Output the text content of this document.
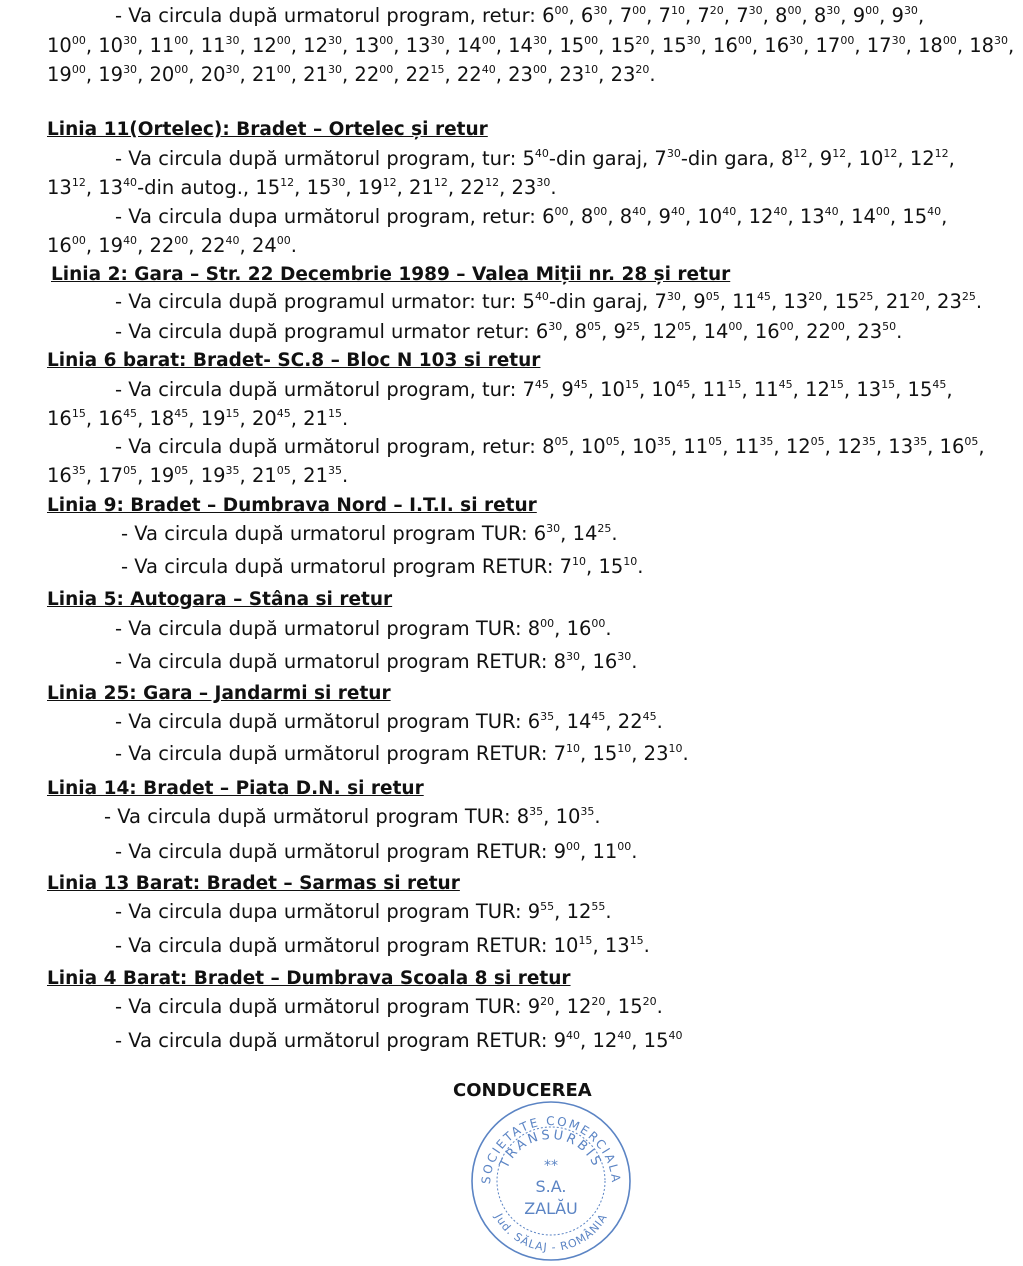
- Va circula după urmatorul program, retur: $6^{00}$, $6^{30}$, $7^{00}$, $7^{10}$, $7^{20}$, $7^{30}$, $8^{00}$, $8^{30}$, $9^{00}$, $9^{30}$,
$10^{00}$, $10^{30}$, $11^{00}$, $11^{30}$, $12^{00}$, $12^{30}$, $13^{00}$, $13^{30}$, $14^{00}$, $14^{30}$, $15^{00}$, $15^{20}$, $15^{30}$, $16^{00}$, $16^{30}$, $17^{00}$, $17^{30}$, $18^{00}$, $18^{30}$,
$19^{00}$, $19^{30}$, $20^{00}$, $20^{30}$, $21^{00}$, $21^{30}$, $22^{00}$, $22^{15}$, $22^{40}$, $23^{00}$, $23^{10}$, $23^{20}$.
Linia 11(Ortelec): Bradet – Ortelec și retur
- Va circula după următorul program, tur: $5^{40}$-din garaj, $7^{30}$-din gara, $8^{12}$, $9^{12}$, $10^{12}$, $12^{12}$,
$13^{12}$, $13^{40}$-din autog., $15^{12}$, $15^{30}$, $19^{12}$, $21^{12}$, $22^{12}$, $23^{30}$.
- Va circula dupa următorul program, retur: $6^{00}$, $8^{00}$, $8^{40}$, $9^{40}$, $10^{40}$, $12^{40}$, $13^{40}$, $14^{00}$, $15^{40}$,
$16^{00}$, $19^{40}$, $22^{00}$, $22^{40}$, $24^{00}$.
Linia 2: Gara – Str. 22 Decembrie 1989 – Valea Miții nr. 28 și retur
- Va circula după programul urmator: tur: $5^{40}$-din garaj, $7^{30}$, $9^{05}$, $11^{45}$, $13^{20}$, $15^{25}$, $21^{20}$, $23^{25}$.
- Va circula după programul urmator retur: $6^{30}$, $8^{05}$, $9^{25}$, $12^{05}$, $14^{00}$, $16^{00}$, $22^{00}$, $23^{50}$.
Linia 6 barat: Bradet- SC.8 – Bloc N 103 si retur
- Va circula după următorul program, tur: $7^{45}$, $9^{45}$, $10^{15}$, $10^{45}$, $11^{15}$, $11^{45}$, $12^{15}$, $13^{15}$, $15^{45}$,
$16^{15}$, $16^{45}$, $18^{45}$, $19^{15}$, $20^{45}$, $21^{15}$.
- Va circula după următorul program, retur: $8^{05}$, $10^{05}$, $10^{35}$, $11^{05}$, $11^{35}$, $12^{05}$, $12^{35}$, $13^{35}$, $16^{05}$,
$16^{35}$, $17^{05}$, $19^{05}$, $19^{35}$, $21^{05}$, $21^{35}$.
Linia 9: Bradet – Dumbrava Nord – I.T.I. si retur
- Va circula după urmatorul program TUR: $6^{30}$, $14^{25}$.
- Va circula după urmatorul program RETUR: $7^{10}$, $15^{10}$.
Linia 5: Autogara – Stâna si retur
- Va circula după urmatorul program TUR: $8^{00}$, $16^{00}$.
- Va circula după urmatorul program RETUR: $8^{30}$, $16^{30}$.
Linia 25: Gara – Jandarmi si retur
- Va circula după următorul program TUR: $6^{35}$, $14^{45}$, $22^{45}$.
- Va circula după următorul program RETUR: $7^{10}$, $15^{10}$, $23^{10}$.
Linia 14: Bradet – Piata D.N. si retur
- Va circula după următorul program TUR: $8^{35}$, $10^{35}$.
- Va circula după următorul program RETUR: $9^{00}$, $11^{00}$.
Linia 13 Barat: Bradet – Sarmas si retur
- Va circula dupa următorul program TUR: $9^{55}$, $12^{55}$.
- Va circula după următorul program RETUR: $10^{15}$, $13^{15}$.
Linia 4 Barat: Bradet – Dumbrava Scoala 8 si retur
- Va circula după următorul program TUR: $9^{20}$, $12^{20}$, $15^{20}$.
- Va circula după următorul program RETUR: $9^{40}$, $12^{40}$, $15^{40}$
CONDUCEREA
SOCIETATE COMERCIALA
TRANSURBIS
**
S.A.
ZALĂU
Jud. SĂLAJ - ROMÂNIA
